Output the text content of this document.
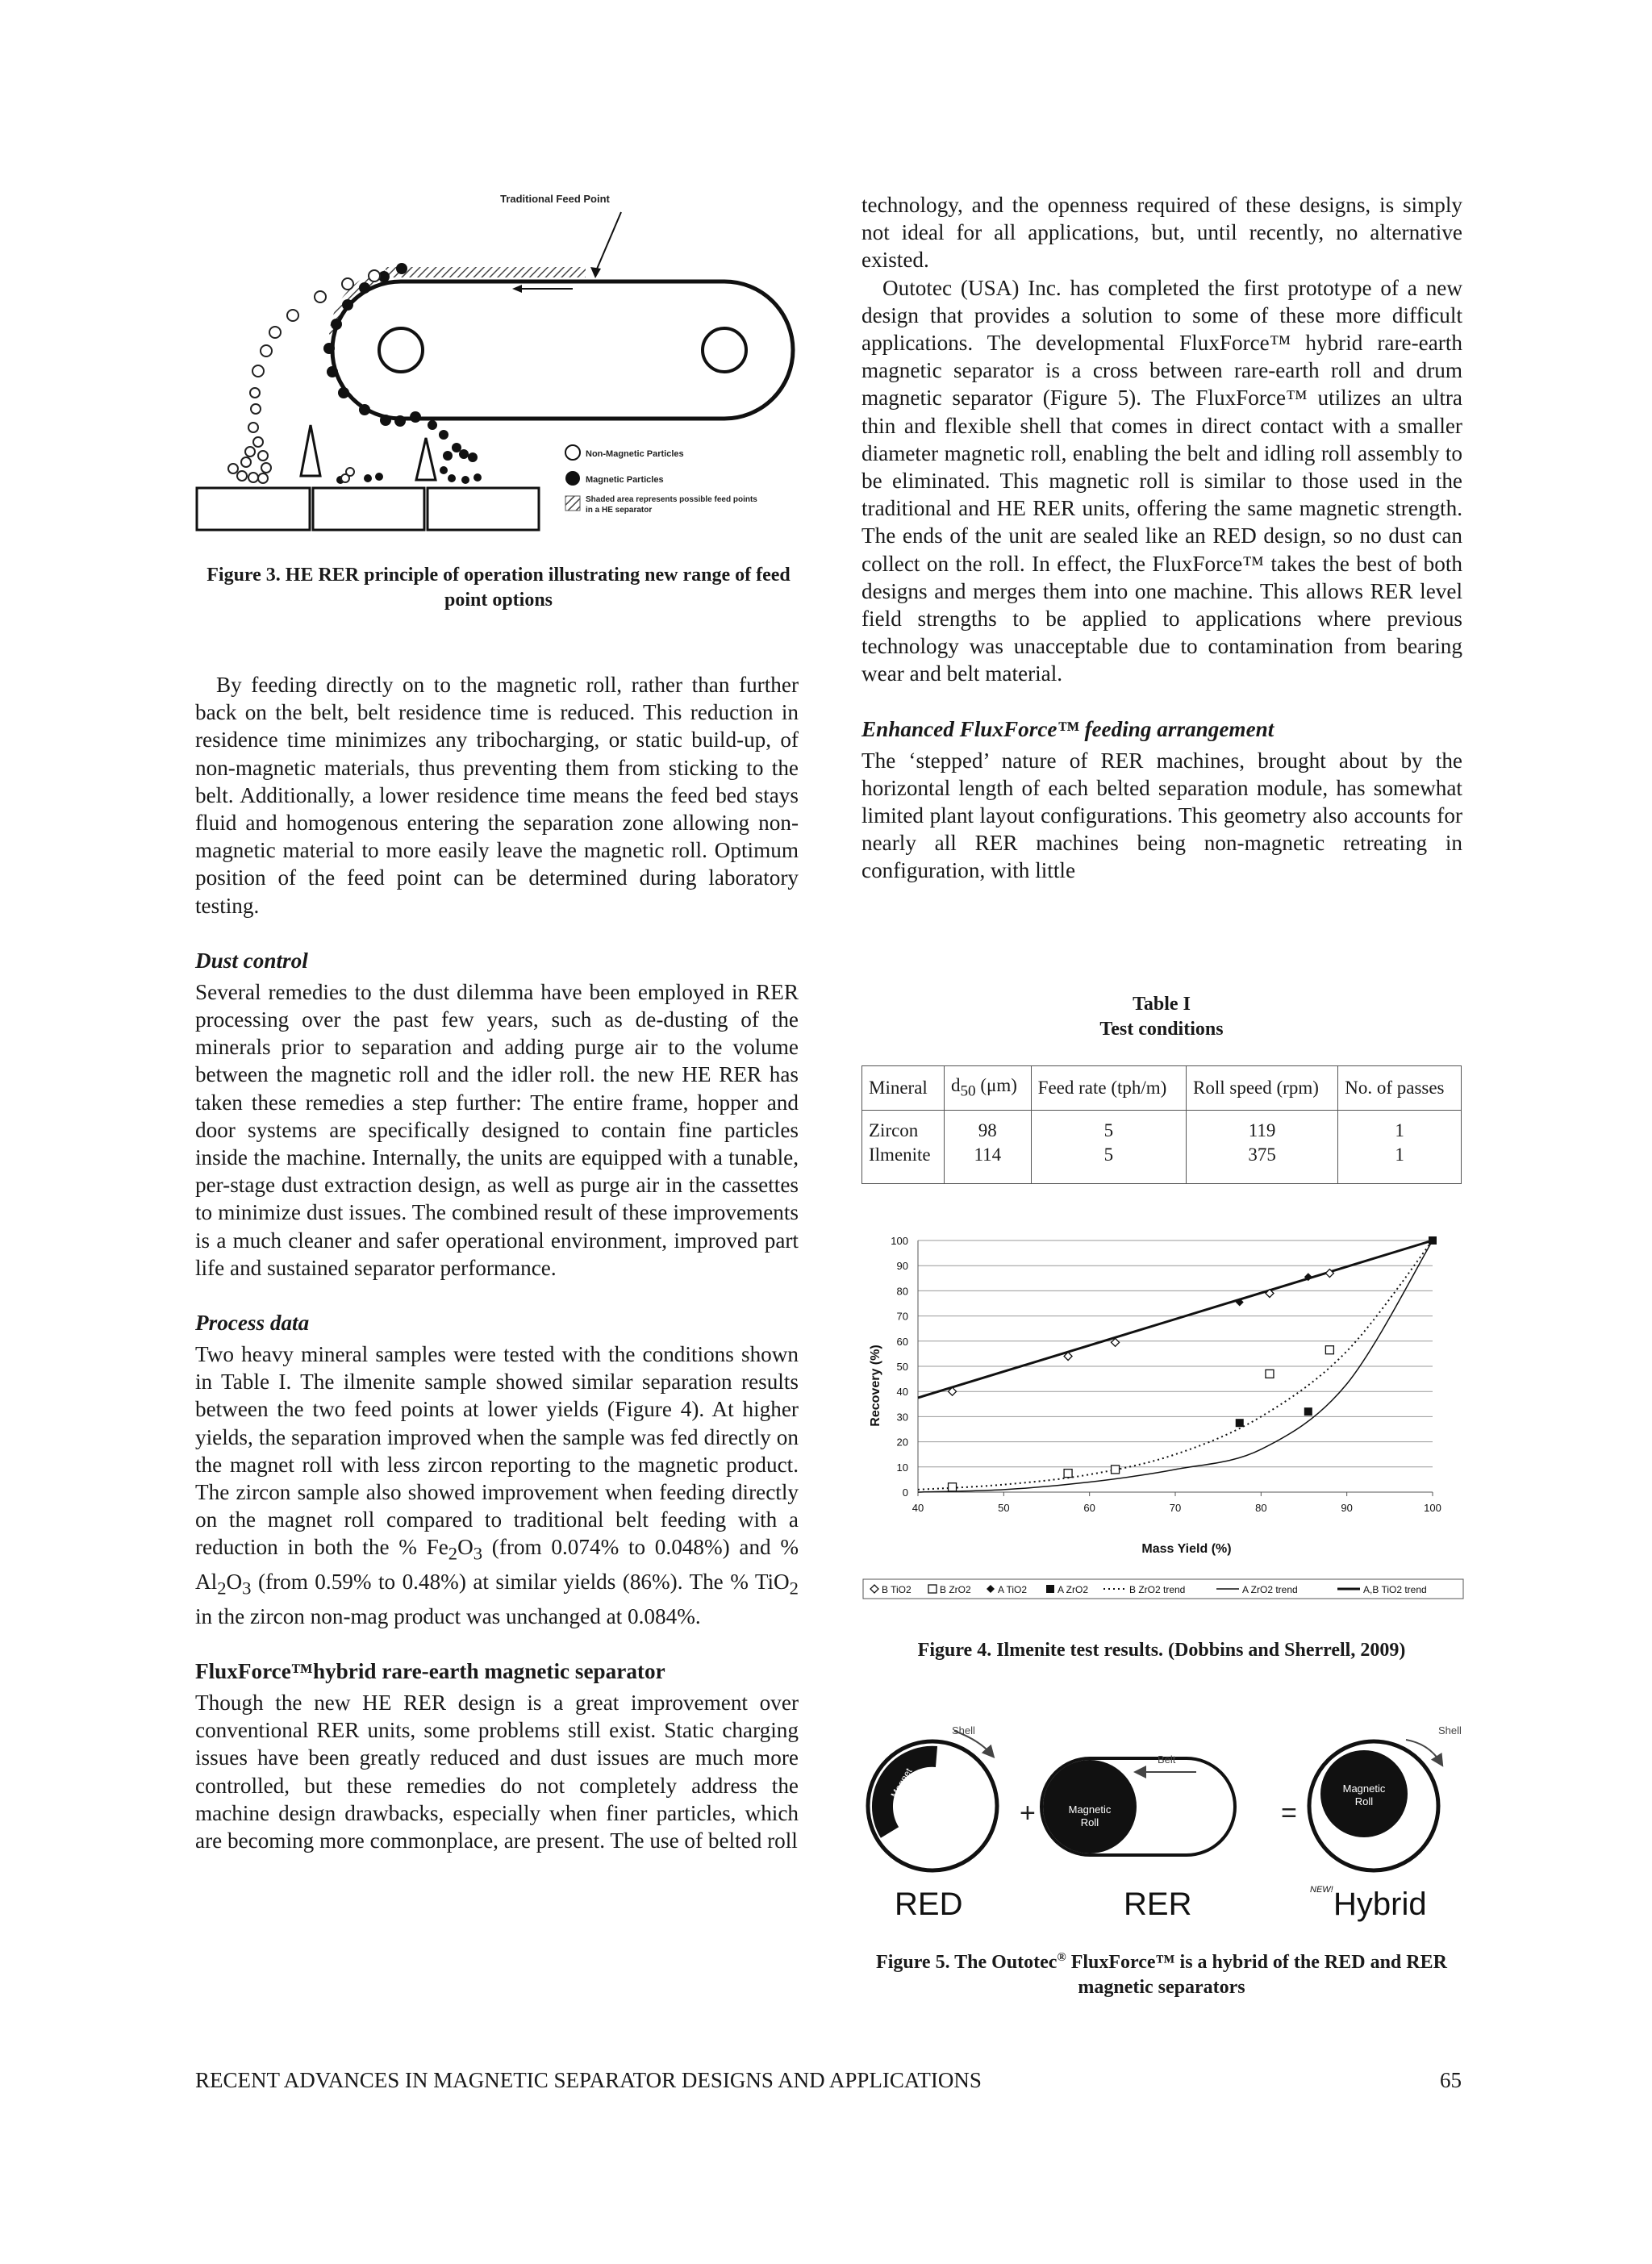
Traditional Feed Point
Non-Magnetic Particles
Magnetic Particles
Shaded area represents possible feed points
in a HE separator
Figure 3. HE RER principle of operation illustrating new range of feed point options

By feeding directly on to the magnetic roll, rather than further back on the belt, belt residence time is reduced. This reduction in residence time minimizes any tribocharging, or static build-up, of non-magnetic materials, thus preventing them from sticking to the belt. Additionally, a lower residence time means the feed bed stays fluid and homogenous entering the separation zone allowing non-magnetic material to more easily leave the magnetic roll. Optimum position of the feed point can be determined during laboratory testing.

Dust control

Several remedies to the dust dilemma have been employed in RER processing over the past few years, such as de-dusting of the minerals prior to separation and adding purge air to the volume between the magnetic roll and the idler roll. the new HE RER has taken these remedies a step further: The entire frame, hopper and door systems are specifically designed to contain fine particles inside the machine. Internally, the units are equipped with a tunable, per-stage dust extraction design, as well as purge air in the cassettes to minimize dust issues. The combined result of these improvements is a much cleaner and safer operational environment, improved part life and sustained separator performance.

Process data

Two heavy mineral samples were tested with the conditions shown in Table I. The ilmenite sample showed similar separation results between the two feed points at lower yields (Figure 4). At higher yields, the separation improved when the sample was fed directly on the magnet roll with less zircon reporting to the magnetic product. The zircon sample also showed improvement when feeding directly on the magnet roll compared to traditional belt feeding with a reduction in both the % $Fe_2O_3$ (from 0.074% to 0.048%) and % $Al_2O_3$ (from 0.59% to 0.48%) at similar yields (86%). The % TiO$_2$ in the zircon non-mag product was unchanged at 0.084%.

FluxForce™hybrid rare-earth magnetic separator

Though the new HE RER design is a great improvement over conventional RER units, some problems still exist. Static charging issues have been greatly reduced and dust issues are much more controlled, but these remedies do not completely address the machine design drawbacks, especially when finer particles, which are becoming more commonplace, are present. The use of belted roll

technology, and the openness required of these designs, is simply not ideal for all applications, but, until recently, no alternative existed.

Outotec (USA) Inc. has completed the first prototype of a new design that provides a solution to some of these more difficult applications. The developmental FluxForce™ hybrid rare-earth magnetic separator is a cross between rare-earth roll and drum magnetic separator (Figure 5). The FluxForce™ utilizes an ultra thin and flexible shell that comes in direct contact with a smaller diameter magnetic roll, enabling the belt and idling roll assembly to be eliminated. This magnetic roll is similar to those used in the traditional and HE RER units, offering the same magnetic strength. The ends of the unit are sealed like an RED design, so no dust can collect on the roll. In effect, the FluxForce™ takes the best of both designs and merges them into one machine. This allows RER level field strengths to be applied to applications where previous technology was unacceptable due to contamination from bearing wear and belt material.

Enhanced FluxForce™ feeding arrangement

The ‘stepped’ nature of RER machines, brought about by the horizontal length of each belted separation module, has somewhat limited plant layout configurations. This geometry also accounts for nearly all RER machines being non-magnetic retreating in configuration, with little

Table I
Test conditions
Mineral	$d_{50}$ (μm)	Feed rate (tph/m)	Roll speed (rpm)	No. of passes
Zircon	98	5	119	1
Ilmenite	114	5	375	1
0
10
20
30
40
50
60
70
80
90
100
40	50	60	70	80	90	100
Mass Yield (%)
Recovery (%)
B TiO2	B ZrO2	A TiO2	A ZrO2	B ZrO2 trend	A ZrO2 trend	A,B TiO2 trend
Figure 4. Ilmenite test results. (Dobbins and Sherrell, 2009)
Magnet
Shell
+	Magnetic
Roll
Belt
=
Magnetic
Roll
Shell
RED	RER	NEW! Hybrid
Figure 5. The Outotec® FluxForce™ is a hybrid of the RED and RER magnetic separators
RECENT ADVANCES IN MAGNETIC SEPARATOR DESIGNS AND APPLICATIONS	65
